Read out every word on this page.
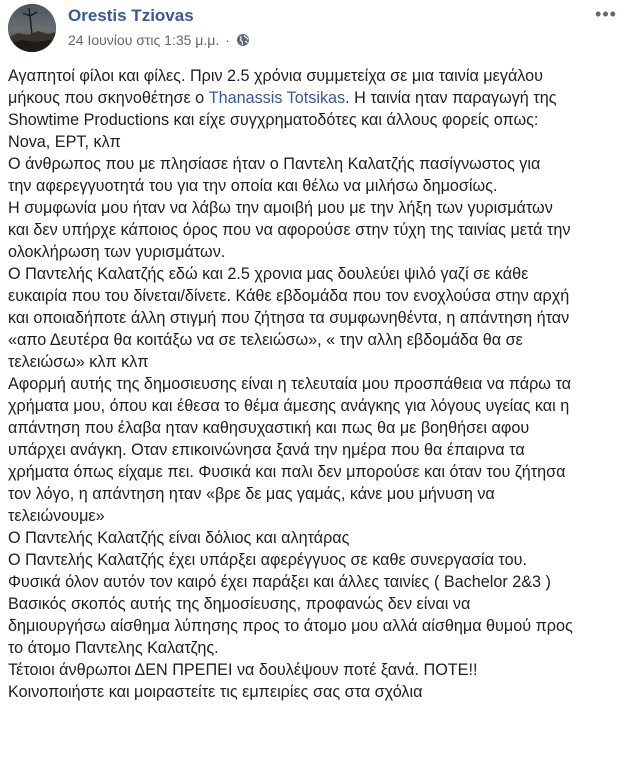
Orestis Tziovas
24 Ιουνίου στις 1:35 μ.μ. ·
•••

Αγαπητοί φίλοι και φίλες. Πριν 2.5 χρόνια συμμετείχα σε μια ταινία μεγάλου

μήκους που σκηνοθέτησε ο Thanassis Totsikas. Η ταινία ηταν παραγωγή της

Showtime Productions και είχε συγχρηματοδότες και άλλους φορείς οπως:

Nova, ΕΡΤ, κλπ

Ο άνθρωπος που με πλησίασε ήταν ο Παντελη Καλατζής πασίγνωστος για

την αφερεγγυοτητά του για την οποία και θέλω να μιλήσω δημοσίως.

Η συμφωνία μου ήταν να λάβω την αμοιβή μου με την λήξη των γυρισμάτων

και δεν υπήρχε κάποιος όρος που να αφορούσε στην τύχη της ταινίας μετά την

ολοκλήρωση των γυρισμάτων.

Ο Παντελής Καλατζής εδώ και 2.5 χρονια μας δουλεύει ψιλό γαζί σε κάθε

ευκαιρία που του δίνεται/δίνετε. Κάθε εβδομάδα που τον ενοχλούσα στην αρχή

και οποιαδήποτε άλλη στιγμή που ζήτησα τα συμφωνηθέντα, η απάντηση ήταν

«απο Δευτέρα θα κοιτάξω να σε τελειώσω», « την αλλη εβδομάδα θα σε

τελειώσω» κλπ κλπ

Αφορμή αυτής της δημοσιευσης είναι η τελευταία μου προσπάθεια να πάρω τα

χρήματα μου, όπου και έθεσα το θέμα άμεσης ανάγκης για λόγους υγείας και η

απάντηση που έλαβα ηταν καθησυχαστική και πως θα με βοηθήσει αφου

υπάρχει ανάγκη. Οταν επικοινώνησα ξανά την ημέρα που θα έπαιρνα τα

χρήματα όπως είχαμε πει. Φυσικά και παλι δεν μπορούσε και όταν του ζήτησα

τον λόγο, η απάντηση ηταν «βρε δε μας γαμάς, κάνε μου μήνυση να

τελειώνουμε»

Ο Παντελής Καλατζής είναι δόλιος και αλητάρας

Ο Παντελής Καλατζής έχει υπάρξει αφερέγγυος σε καθε συνεργασία του.

Φυσικά όλον αυτόν τον καιρό έχει παράξει και άλλες ταινίες ( Bachelor 2&3 )

Βασικός σκοπός αυτής της δημοσίευσης, προφανώς δεν είναι να

δημιουργήσω αίσθημα λύπησης προς το άτομο μου αλλά αίσθημα θυμού προς

το άτομο Παντελης Καλατζης.

Τέτοιοι άνθρωποι ΔΕΝ ΠΡΕΠΕΙ να δουλέψουν ποτέ ξανά. ΠΟΤΕ!!

Κοινοποιήστε και μοιραστείτε τις εμπειρίες σας στα σχόλια
